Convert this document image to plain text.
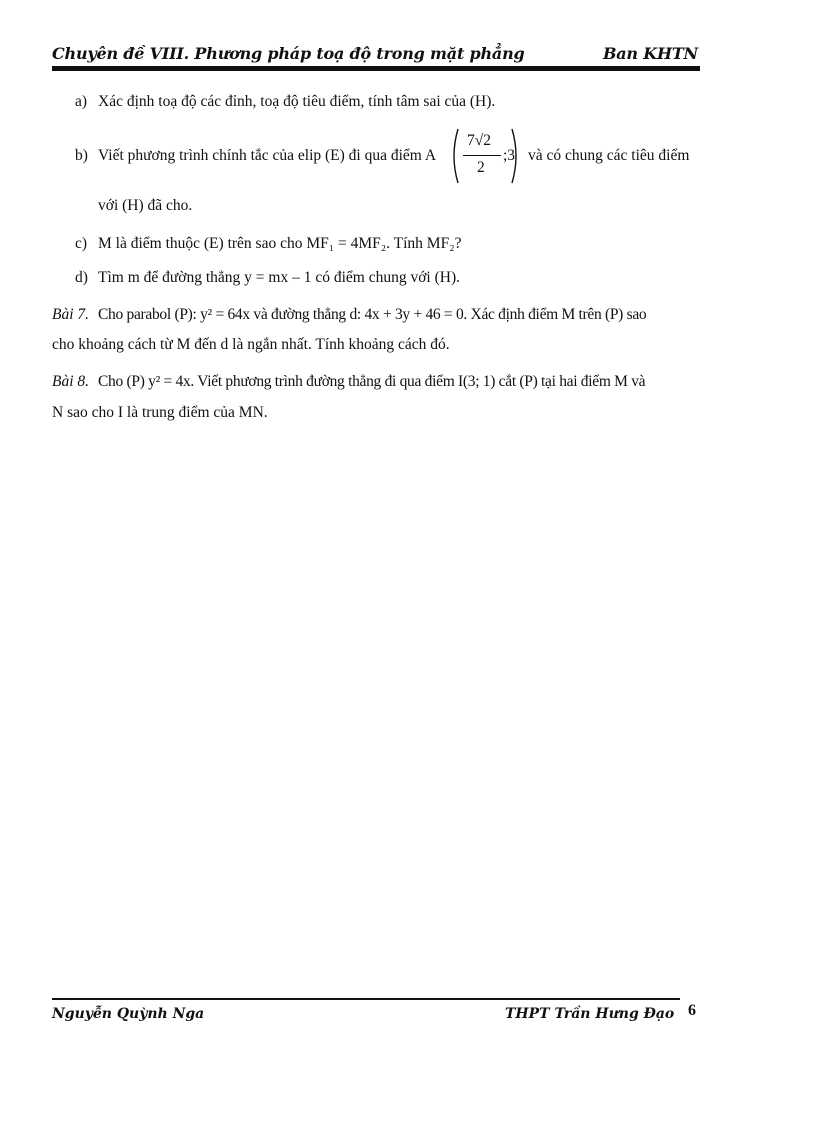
Chuyên đề VIII. Phương pháp toạ độ trong mặt phẳng	Ban KHTN
a) Xác định toạ độ các đỉnh, toạ độ tiêu điểm, tính tâm sai của (H).
b) Viết phương trình chính tắc của elip (E) đi qua điểm A
7√2
2
;3 và có chung các tiêu điểm
với (H) đã cho.
c) M là điểm thuộc (E) trên sao cho MF₁ = 4MF₂. Tính MF₂?
d) Tìm m để đường thẳng y = mx – 1 có điểm chung với (H).
Bài 7. Cho parabol (P): y² = 64x và đường thẳng d: 4x + 3y + 46 = 0. Xác định điểm M trên (P) sao
cho khoảng cách từ M đến d là ngắn nhất. Tính khoảng cách đó.
Bài 8. Cho (P) y² = 4x. Viết phương trình đường thẳng đi qua điểm I(3; 1) cắt (P) tại hai điểm M và
N sao cho I là trung điểm của MN.
Nguyễn Quỳnh Nga	THPT Trần Hưng Đạo 6
